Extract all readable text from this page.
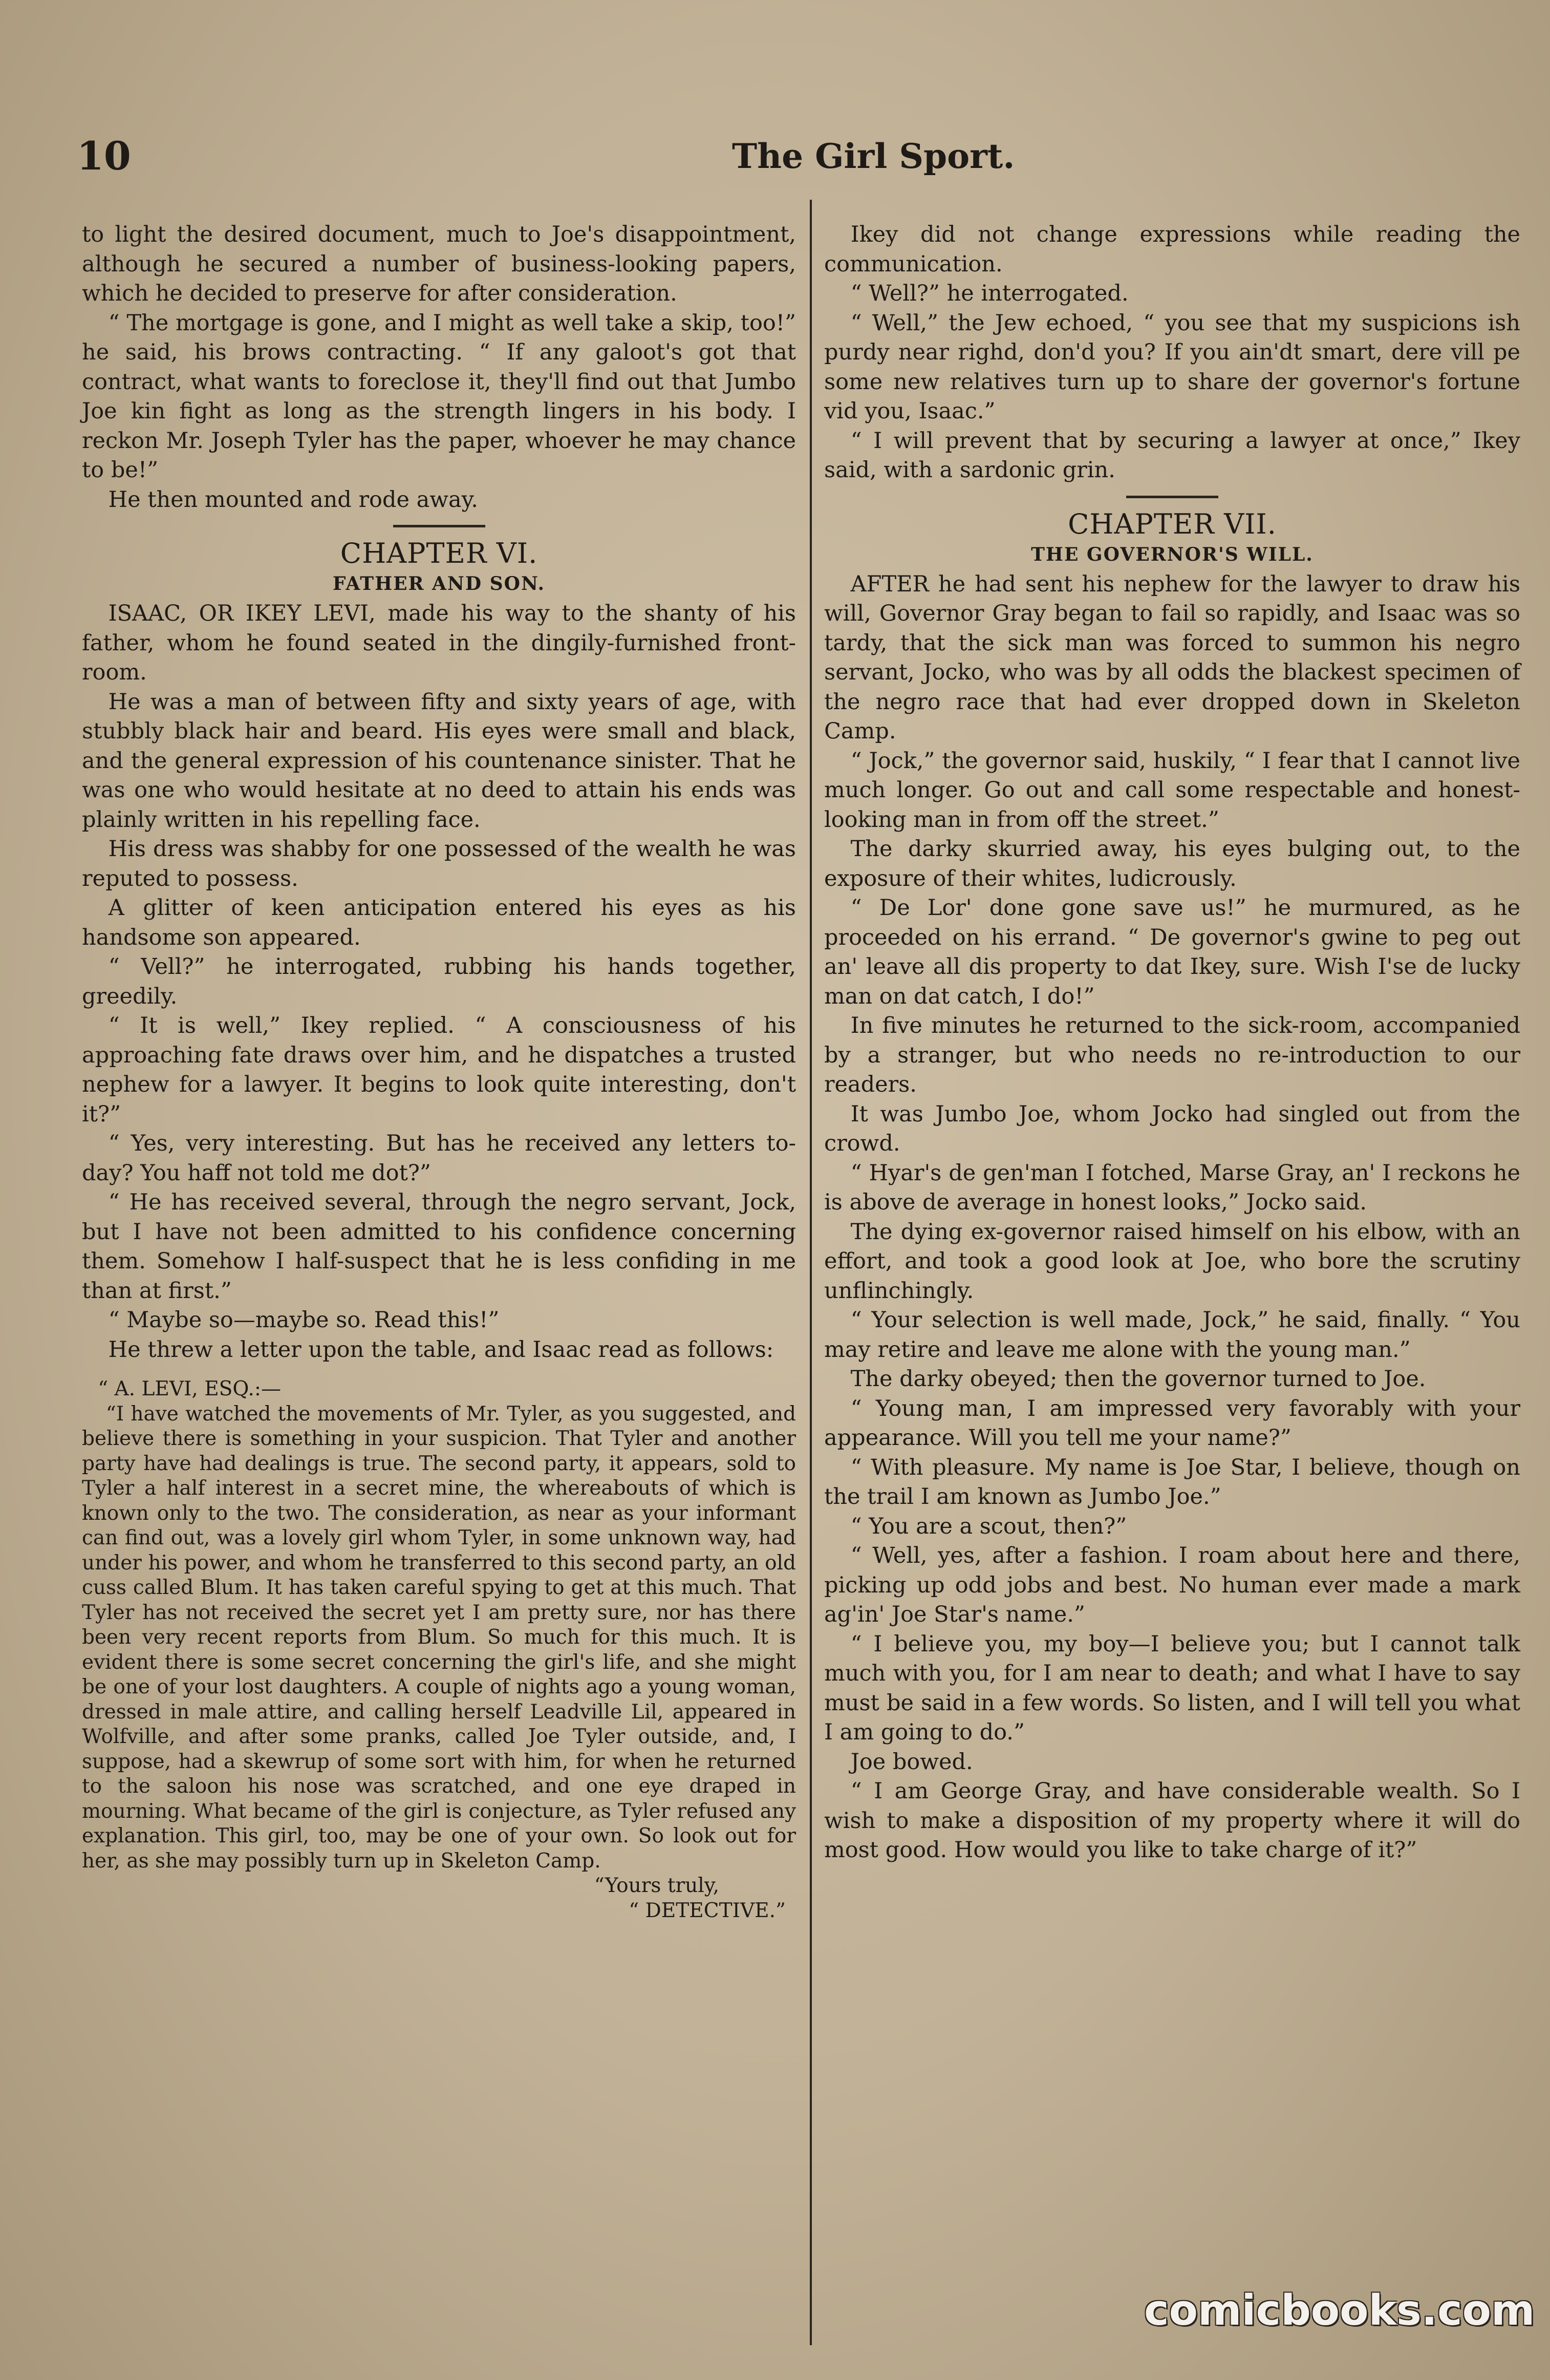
10	The Girl Sport.

to light the desired document, much to Joe's disappointment, although he secured a number of business-looking papers, which he decided to preserve for after consideration.

“ The mortgage is gone, and I might as well take a skip, too!” he said, his brows contracting. “ If any galoot's got that contract, what wants to foreclose it, they'll find out that Jumbo Joe kin fight as long as the strength lingers in his body. I reckon Mr. Joseph Tyler has the paper, whoever he may chance to be!”

He then mounted and rode away.

CHAPTER VI.
FATHER AND SON.

ISAAC, OR IKEY LEVI, made his way to the shanty of his father, whom he found seated in the dingily-furnished front-room.

He was a man of between fifty and sixty years of age, with stubbly black hair and beard. His eyes were small and black, and the general expression of his countenance sinister. That he was one who would hesitate at no deed to attain his ends was plainly written in his repelling face.

His dress was shabby for one possessed of the wealth he was reputed to possess.

A glitter of keen anticipation entered his eyes as his handsome son appeared.

“ Vell?” he interrogated, rubbing his hands together, greedily.

“ It is well,” Ikey replied. “ A consciousness of his approaching fate draws over him, and he dispatches a trusted nephew for a lawyer. It begins to look quite interesting, don't it?”

“ Yes, very interesting. But has he received any letters to-day? You haff not told me dot?”

“ He has received several, through the negro servant, Jock, but I have not been admitted to his confidence concerning them. Somehow I half-suspect that he is less confiding in me than at first.”

“ Maybe so—maybe so. Read this!”

He threw a letter upon the table, and Isaac read as follows:

“ A. LEVI, ESQ.:—

“I have watched the movements of Mr. Tyler, as you suggested, and believe there is something in your suspicion. That Tyler and another party have had dealings is true. The second party, it appears, sold to Tyler a half interest in a secret mine, the whereabouts of which is known only to the two. The consideration, as near as your informant can find out, was a lovely girl whom Tyler, in some unknown way, had under his power, and whom he transferred to this second party, an old cuss called Blum. It has taken careful spying to get at this much. That Tyler has not received the secret yet I am pretty sure, nor has there been very recent reports from Blum. So much for this much. It is evident there is some secret concerning the girl's life, and she might be one of your lost daughters. A couple of nights ago a young woman, dressed in male attire, and calling herself Leadville Lil, appeared in Wolfville, and after some pranks, called Joe Tyler outside, and, I suppose, had a skewrup of some sort with him, for when he returned to the saloon his nose was scratched, and one eye draped in mourning. What became of the girl is conjecture, as Tyler refused any explanation. This girl, too, may be one of your own. So look out for her, as she may possibly turn up in Skeleton Camp.

“Yours truly,

“ DETECTIVE.”

Ikey did not change expressions while reading the communication.

“ Well?” he interrogated.

“ Well,” the Jew echoed, “ you see that my suspicions ish purdy near righd, don'd you? If you ain'dt smart, dere vill pe some new relatives turn up to share der governor's fortune vid you, Isaac.”

“ I will prevent that by securing a lawyer at once,” Ikey said, with a sardonic grin.

CHAPTER VII.
THE GOVERNOR'S WILL.

AFTER he had sent his nephew for the lawyer to draw his will, Governor Gray began to fail so rapidly, and Isaac was so tardy, that the sick man was forced to summon his negro servant, Jocko, who was by all odds the blackest specimen of the negro race that had ever dropped down in Skeleton Camp.

“ Jock,” the governor said, huskily, “ I fear that I cannot live much longer. Go out and call some respectable and honest-looking man in from off the street.”

The darky skurried away, his eyes bulging out, to the exposure of their whites, ludicrously.

“ De Lor' done gone save us!” he murmured, as he proceeded on his errand. “ De governor's gwine to peg out an' leave all dis property to dat Ikey, sure. Wish I'se de lucky man on dat catch, I do!”

In five minutes he returned to the sick-room, accompanied by a stranger, but who needs no re-introduction to our readers.

It was Jumbo Joe, whom Jocko had singled out from the crowd.

“ Hyar's de gen'man I fotched, Marse Gray, an' I reckons he is above de average in honest looks,” Jocko said.

The dying ex-governor raised himself on his elbow, with an effort, and took a good look at Joe, who bore the scrutiny unflinchingly.

“ Your selection is well made, Jock,” he said, finally. “ You may retire and leave me alone with the young man.”

The darky obeyed; then the governor turned to Joe.

“ Young man, I am impressed very favorably with your appearance. Will you tell me your name?”

“ With pleasure. My name is Joe Star, I believe, though on the trail I am known as Jumbo Joe.”

“ You are a scout, then?”

“ Well, yes, after a fashion. I roam about here and there, picking up odd jobs and best. No human ever made a mark ag'in' Joe Star's name.”

“ I believe you, my boy—I believe you; but I cannot talk much with you, for I am near to death; and what I have to say must be said in a few words. So listen, and I will tell you what I am going to do.”

Joe bowed.

“ I am George Gray, and have considerable wealth. So I wish to make a disposition of my property where it will do most good. How would you like to take charge of it?”

comicbooks.com
